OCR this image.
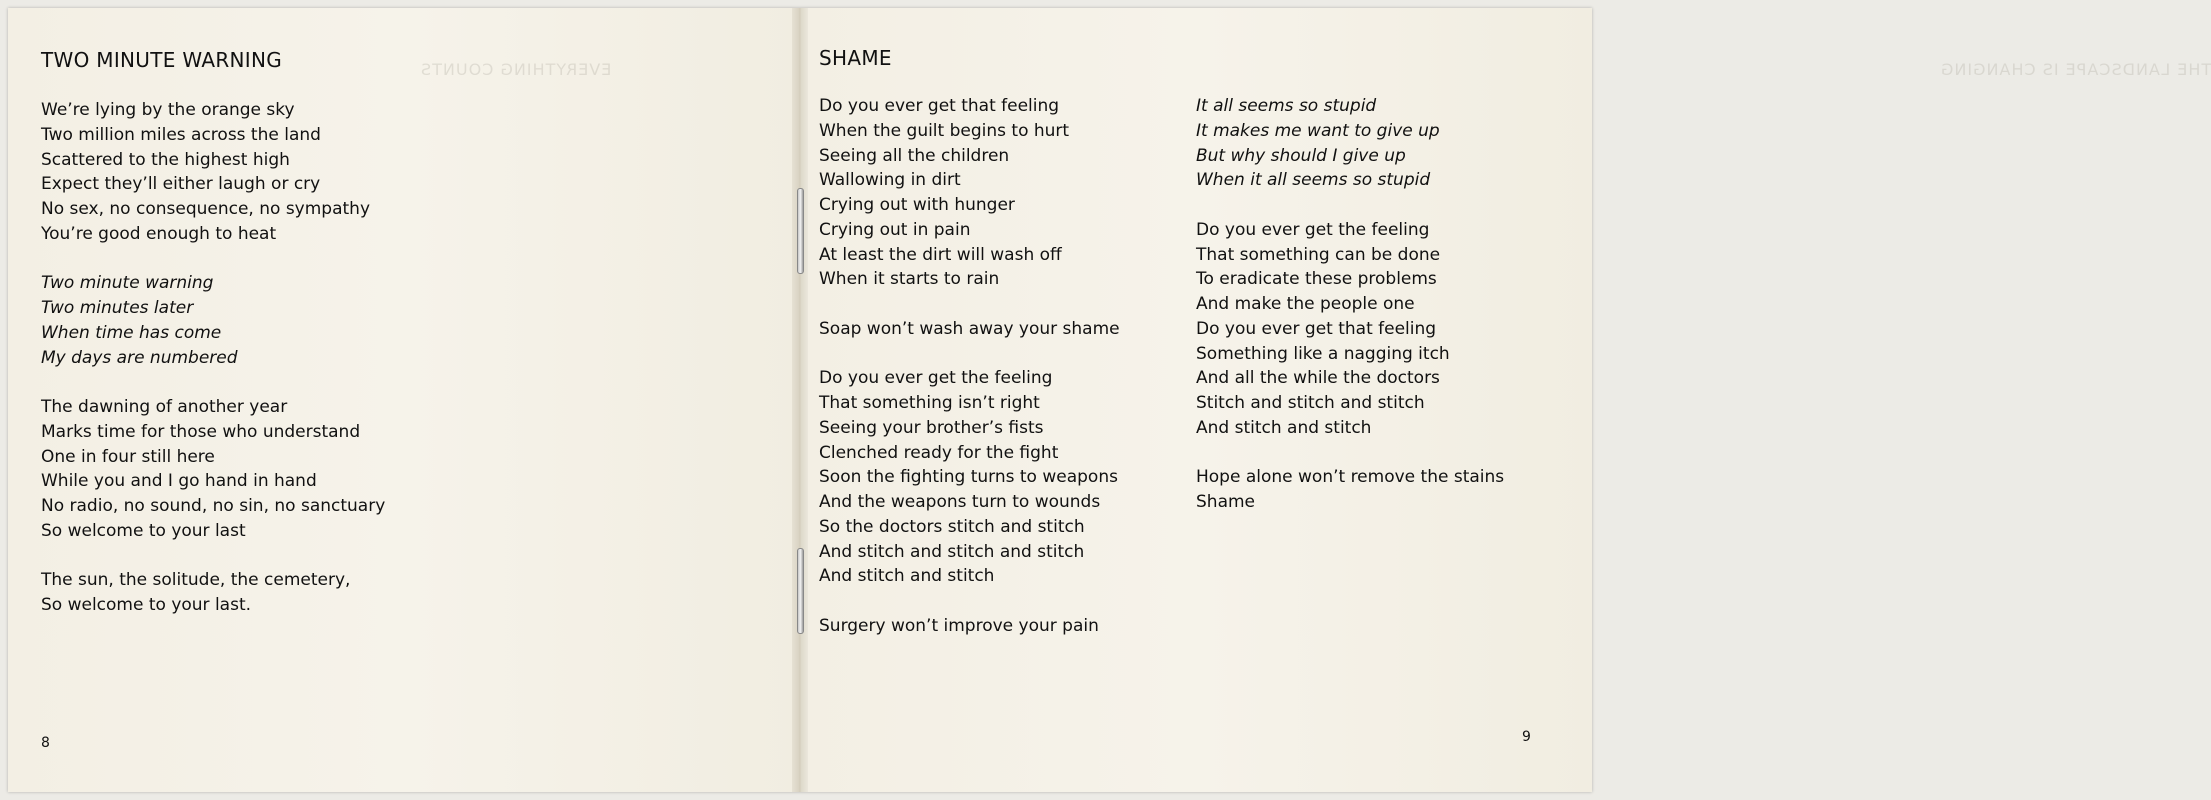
EVERYTHING COUNTS
TWO MINUTE WARNING
We’re lying by the orange sky
Two million miles across the land
Scattered to the highest high
Expect they’ll either laugh or cry
No sex, no consequence, no sympathy
You’re good enough to heat
Two minute warning
Two minutes later
When time has come
My days are numbered
The dawning of another year
Marks time for those who understand
One in four still here
While you and I go hand in hand
No radio, no sound, no sin, no sanctuary
So welcome to your last
The sun, the solitude, the cemetery,
So welcome to your last.
8
THE LANDSCAPE IS CHANGING
SHAME
Do you ever get that feeling
When the guilt begins to hurt
Seeing all the children
Wallowing in dirt
Crying out with hunger
Crying out in pain
At least the dirt will wash off
When it starts to rain
Soap won’t wash away your shame
Do you ever get the feeling
That something isn’t right
Seeing your brother’s fists
Clenched ready for the fight
Soon the fighting turns to weapons
And the weapons turn to wounds
So the doctors stitch and stitch
And stitch and stitch and stitch
And stitch and stitch
Surgery won’t improve your pain
It all seems so stupid
It makes me want to give up
But why should I give up
When it all seems so stupid
Do you ever get the feeling
That something can be done
To eradicate these problems
And make the people one
Do you ever get that feeling
Something like a nagging itch
And all the while the doctors
Stitch and stitch and stitch
And stitch and stitch
Hope alone won’t remove the stains
Shame
9
